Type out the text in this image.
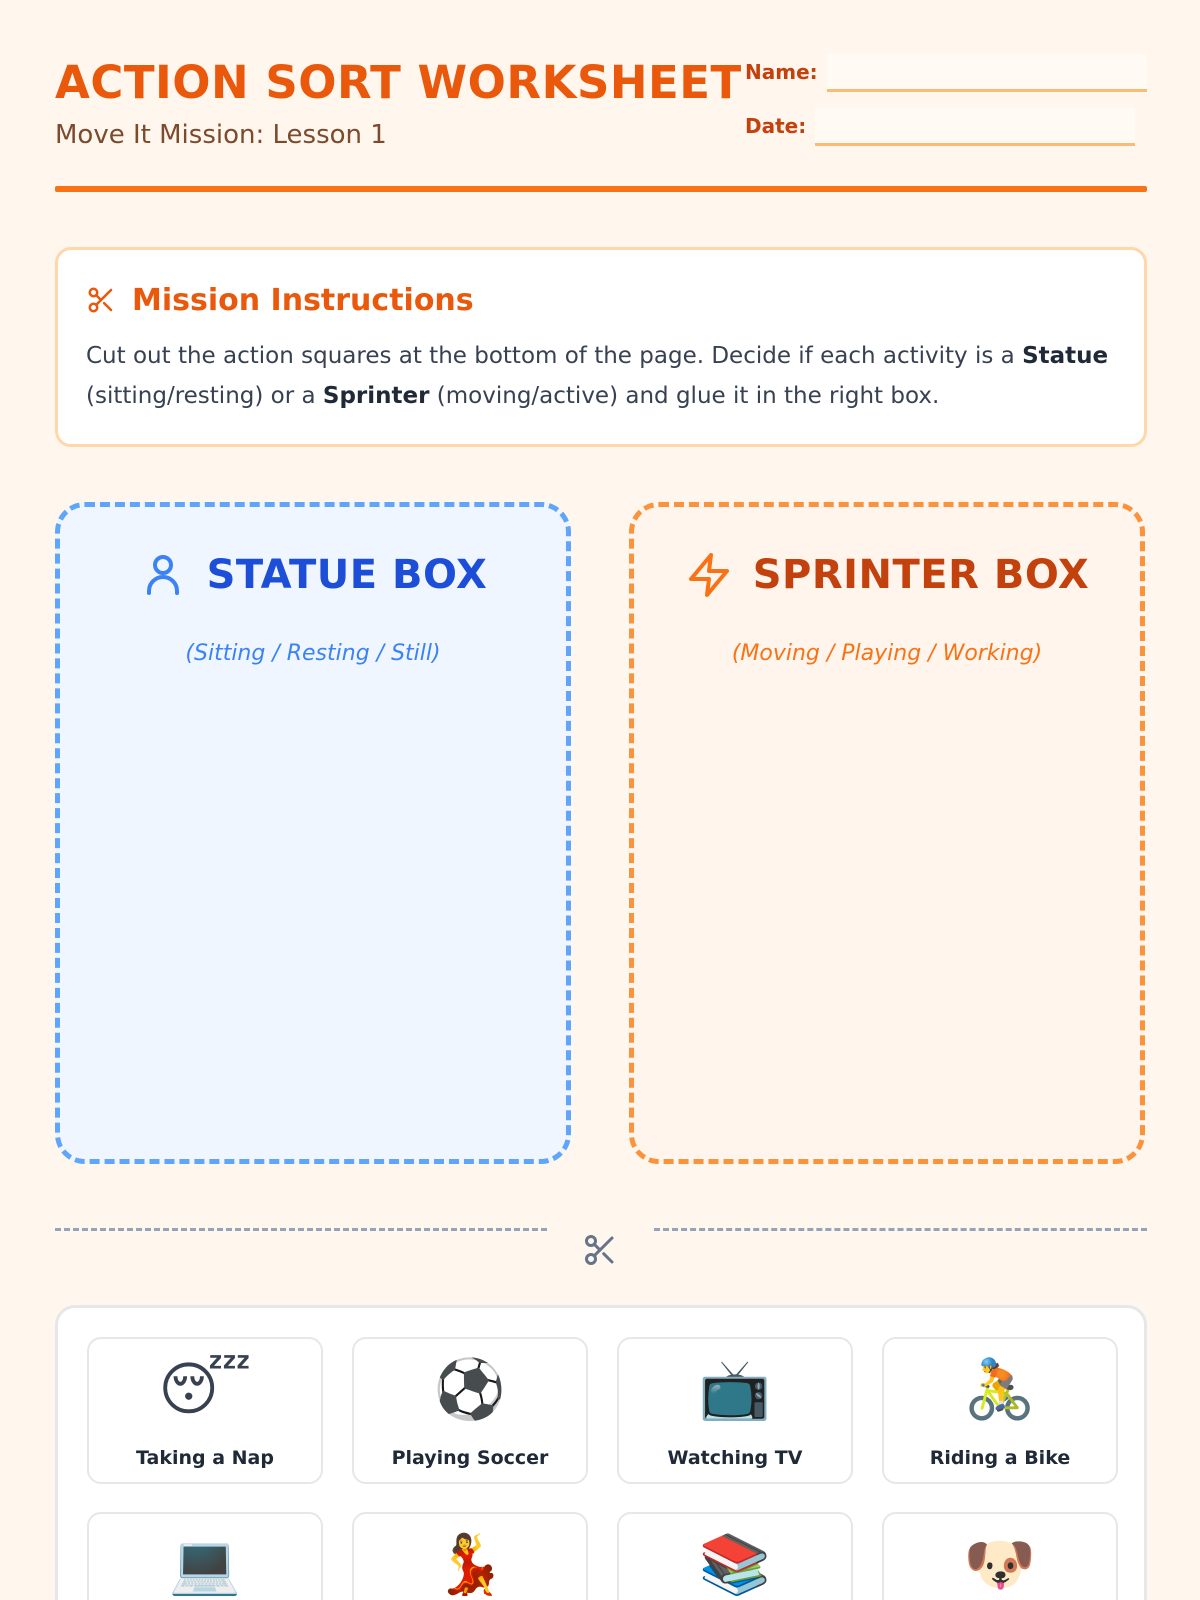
ACTION SORT WORKSHEET
Move It Mission: Lesson 1
Name:
Date:
Mission Instructions
Cut out the action squares at the bottom of the page. Decide if each activity is a Statue
(sitting/resting) or a Sprinter (moving/active) and glue it in the right box.
STATUE BOX
(Sitting / Resting / Still)
SPRINTER BOX
(Moving / Playing / Working)
😴
Taking a Nap
⚽
Playing Soccer
📺
Watching TV
🚴
Riding a Bike
💻	💃	📚	🐶
